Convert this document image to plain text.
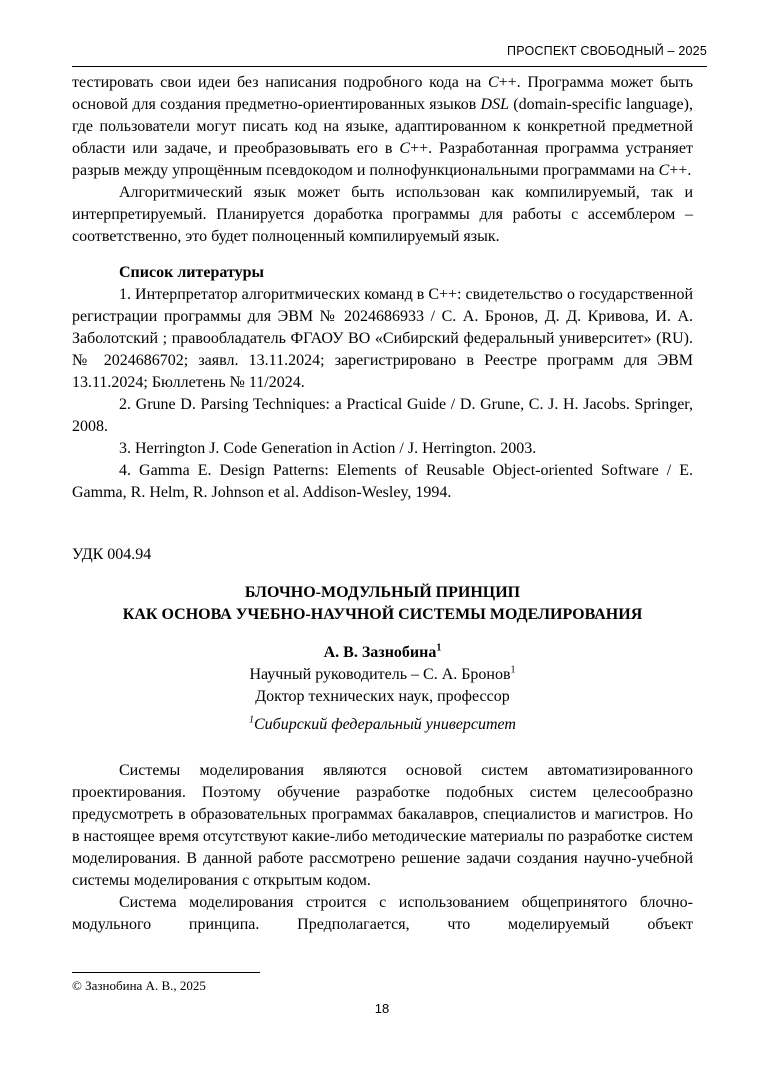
ПРОСПЕКТ СВОБОДНЫЙ – 2025

тестировать свои идеи без написания подробного кода на C++. Программа может быть основой для создания предметно-ориентированных языков DSL (domain-specific language), где пользователи могут писать код на языке, адаптированном к конкретной предметной области или задаче, и преобразовывать его в C++. Разработанная программа устраняет разрыв между упрощённым псевдокодом и полнофункциональными программами на C++.

Алгоритмический язык может быть использован как компилируемый, так и интерпретируемый. Планируется доработка программы для работы с ассемблером – соответственно, это будет полноценный компилируемый язык.

Список литературы

1. Интерпретатор алгоритмических команд в C++: свидетельство о государственной регистрации программы для ЭВМ № 2024686933 / С. А. Бронов, Д. Д. Кривова, И. А. Заболотский ; правообладатель ФГАОУ ВО «Сибирский федеральный университет» (RU). № 2024686702; заявл. 13.11.2024; зарегистрировано в Реестре программ для ЭВМ 13.11.2024; Бюллетень № 11/2024.

2. Grune D. Parsing Techniques: a Practical Guide / D. Grune, C. J. H. Jacobs. Springer, 2008.

3. Herrington J. Code Generation in Action / J. Herrington. 2003.

4. Gamma E. Design Patterns: Elements of Reusable Object-oriented Software / E. Gamma, R. Helm, R. Johnson et al. Addison-Wesley, 1994.

УДК 004.94

БЛОЧНО-МОДУЛЬНЫЙ ПРИНЦИП
КАК ОСНОВА УЧЕБНО-НАУЧНОЙ СИСТЕМЫ МОДЕЛИРОВАНИЯ
А. В. Зазнобина$^1$
Научный руководитель – С. А. Бронов$^1$
Доктор технических наук, профессор
$^1$Сибирский федеральный университет

Системы моделирования являются основой систем автоматизированного проектирования. Поэтому обучение разработке подобных систем целесообразно предусмотреть в образовательных программах бакалавров, специалистов и магистров. Но в настоящее время отсутствуют какие-либо методические материалы по разработке систем моделирования. В данной работе рассмотрено решение задачи создания научно-учебной системы моделирования с открытым кодом.

Система моделирования строится с использованием общепринятого блочно-модульного принципа. Предполагается, что моделируемый объект

© Зазнобина А. В., 2025
18
